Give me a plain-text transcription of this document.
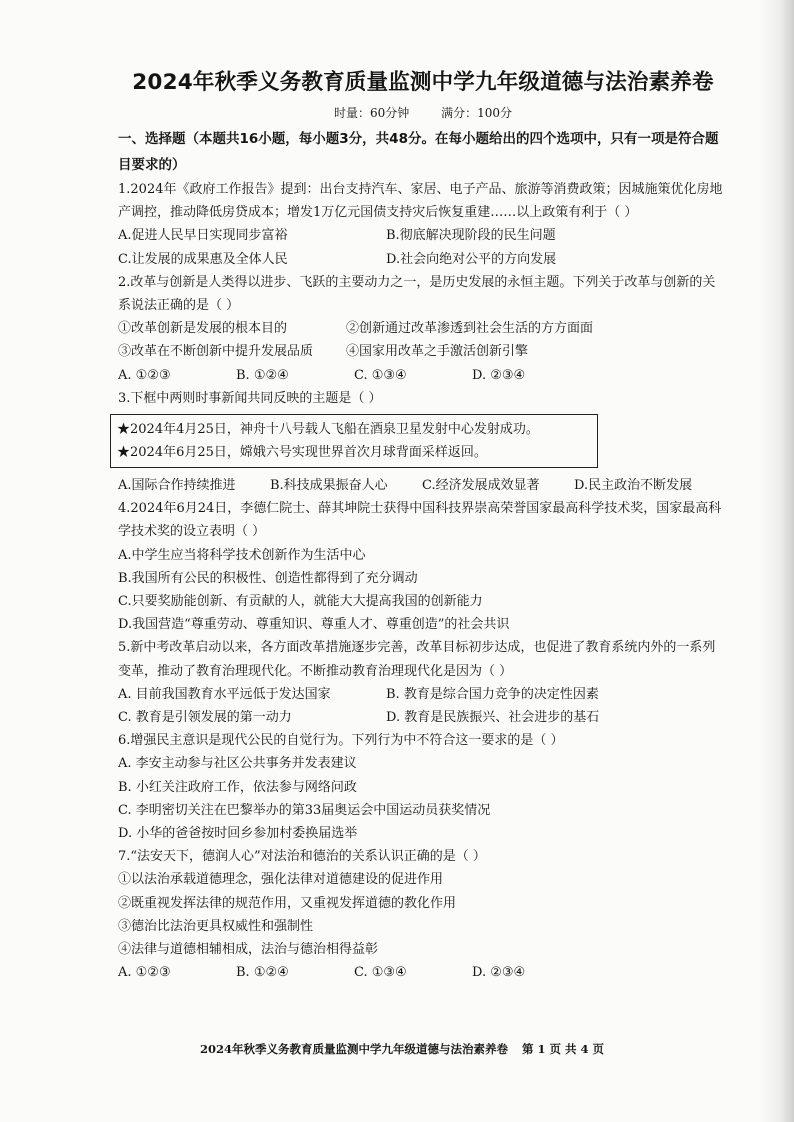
2024年秋季义务教育质量监测中学九年级道德与法治素养卷
时量：60分钟	满分：100分
一、选择题（本题共16小题，每小题3分，共48分。在每小题给出的四个选项中，只有一项是符合题目要求的）
1.2024年《政府工作报告》提到：出台支持汽车、家居、电子产品、旅游等消费政策；因城施策优化房地产调控，推动降低房贷成本；增发1万亿元国债支持灾后恢复重建……以上政策有利于（ ）
A.促进人民早日实现同步富裕	B.彻底解决现阶段的民生问题
C.让发展的成果惠及全体人民	D.社会向绝对公平的方向发展
2.改革与创新是人类得以进步、飞跃的主要动力之一，是历史发展的永恒主题。下列关于改革与创新的关系说法正确的是（ ）
①改革创新是发展的根本目的	②创新通过改革渗透到社会生活的方方面面
③改革在不断创新中提升发展品质	④国家用改革之手激活创新引擎
A. ①②③	B. ①②④	C. ①③④	D. ②③④
3.下框中两则时事新闻共同反映的主题是（ ）
★2024年4月25日，神舟十八号载人飞船在酒泉卫星发射中心发射成功。
★2024年6月25日，嫦娥六号实现世界首次月球背面采样返回。
A.国际合作持续推进	B.科技成果振奋人心	C.经济发展成效显著	D.民主政治不断发展
4.2024年6月24日，李德仁院士、薛其坤院士获得中国科技界崇高荣誉国家最高科学技术奖，国家最高科学技术奖的设立表明（ ）
A.中学生应当将科学技术创新作为生活中心
B.我国所有公民的积极性、创造性都得到了充分调动
C.只要奖励能创新、有贡献的人，就能大大提高我国的创新能力
D.我国营造“尊重劳动、尊重知识、尊重人才、尊重创造”的社会共识
5.新中考改革启动以来，各方面改革措施逐步完善，改革目标初步达成，也促进了教育系统内外的一系列变革，推动了教育治理现代化。不断推动教育治理现代化是因为（ ）
A. 目前我国教育水平远低于发达国家	B. 教育是综合国力竞争的决定性因素
C. 教育是引领发展的第一动力	D. 教育是民族振兴、社会进步的基石
6.增强民主意识是现代公民的自觉行为。下列行为中不符合这一要求的是（ ）
A. 李安主动参与社区公共事务并发表建议
B. 小红关注政府工作，依法参与网络问政
C. 李明密切关注在巴黎举办的第33届奥运会中国运动员获奖情况
D. 小华的爸爸按时回乡参加村委换届选举
7.“法安天下，德润人心”对法治和德治的关系认识正确的是（ ）
①以法治承载道德理念，强化法律对道德建设的促进作用
②既重视发挥法律的规范作用，又重视发挥道德的教化作用
③德治比法治更具权威性和强制性
④法律与道德相辅相成，法治与德治相得益彰
A. ①②③	B. ①②④	C. ①③④	D. ②③④
2024年秋季义务教育质量监测中学九年级道德与法治素养卷 第 1 页 共 4 页
